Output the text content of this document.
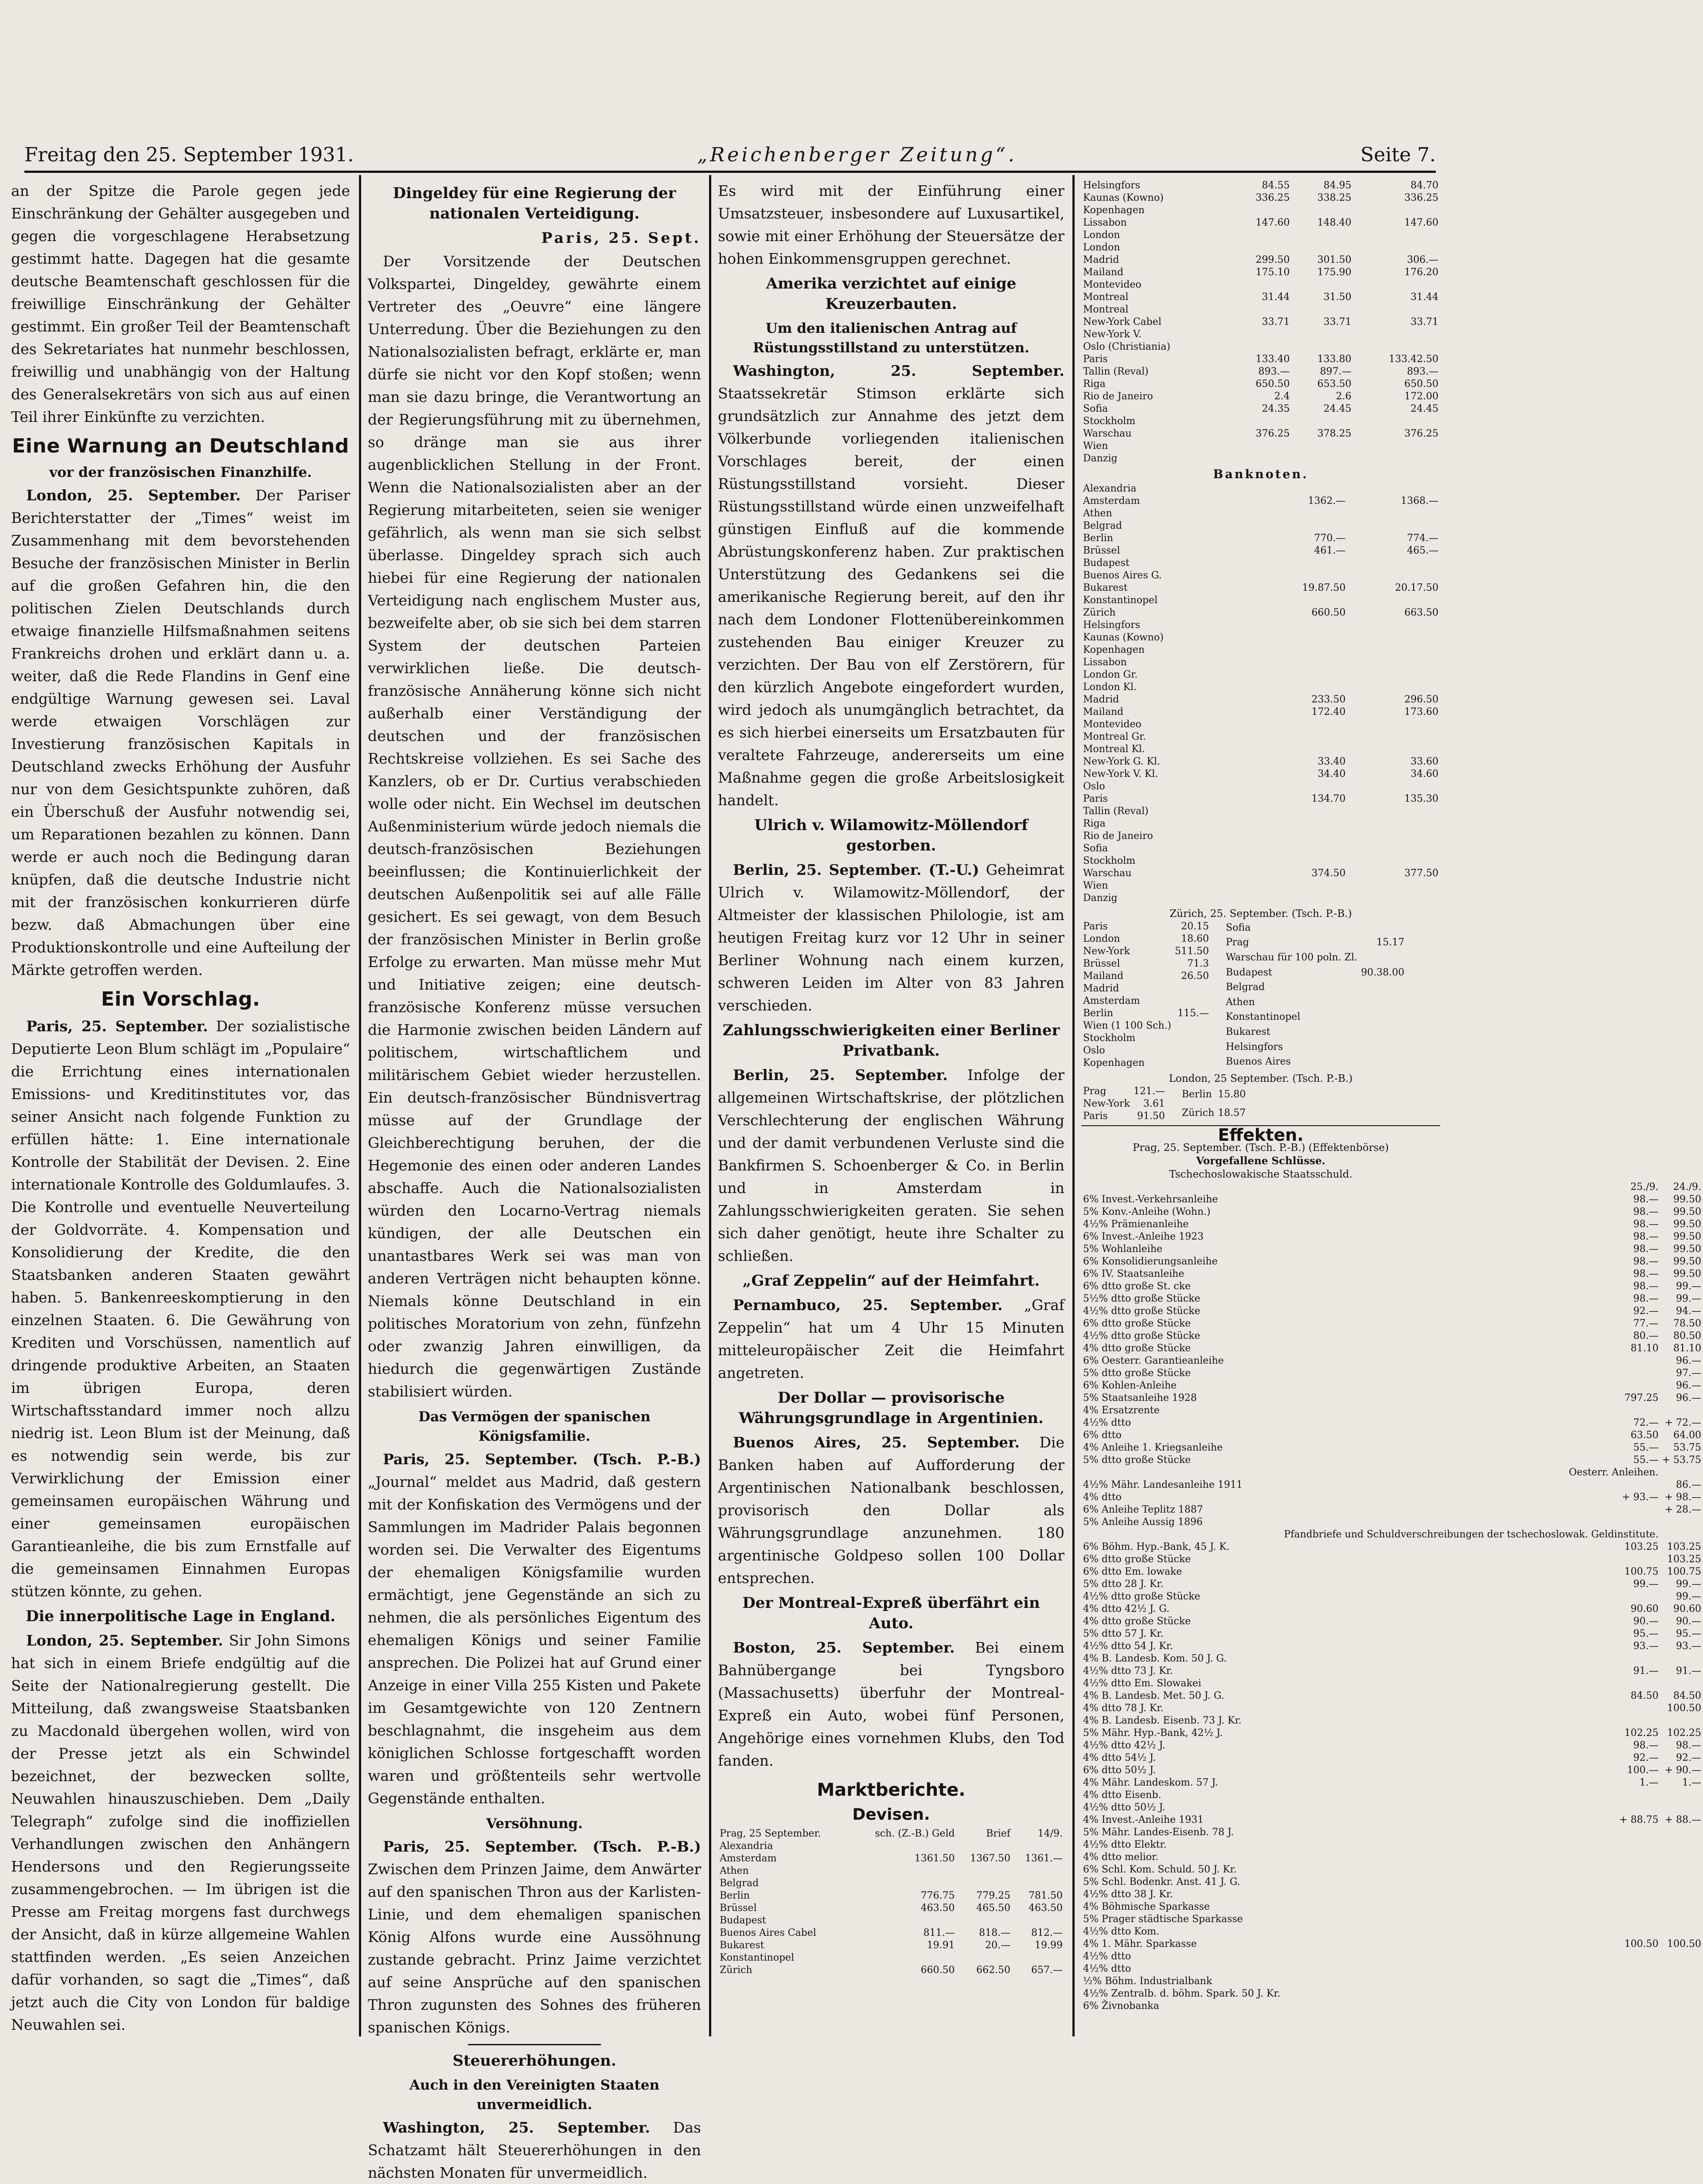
Freitag den 25. September 1931.	„Reichenberger Zeitung“.	Seite 7.

an der Spitze die Parole gegen jede Einschränkung der Gehälter ausgegeben und gegen die vorgeschlagene Herabsetzung gestimmt hatte. Dagegen hat die gesamte deutsche Beamtenschaft geschlossen für die freiwillige Einschränkung der Gehälter gestimmt. Ein großer Teil der Beamtenschaft des Sekretariates hat nunmehr beschlossen, freiwillig und unabhängig von der Haltung des Generalsekretärs von sich aus auf einen Teil ihrer Einkünfte zu verzichten.

Eine Warnung an Deutschland
vor der französischen Finanzhilfe.

London, 25. September. Der Pariser Berichterstatter der „Times“ weist im Zusammenhang mit dem bevorstehenden Besuche der französischen Minister in Berlin auf die großen Gefahren hin, die den politischen Zielen Deutschlands durch etwaige finanzielle Hilfsmaßnahmen seitens Frankreichs drohen und erklärt dann u. a. weiter, daß die Rede Flandins in Genf eine endgültige Warnung gewesen sei. Laval werde etwaigen Vorschlägen zur Investierung französischen Kapitals in Deutschland zwecks Erhöhung der Ausfuhr nur von dem Gesichtspunkte zuhören, daß ein Überschuß der Ausfuhr notwendig sei, um Reparationen bezahlen zu können. Dann werde er auch noch die Bedingung daran knüpfen, daß die deutsche Industrie nicht mit der französischen konkurrieren dürfe bezw. daß Abmachungen über eine Produktionskontrolle und eine Aufteilung der Märkte getroffen werden.

Ein Vorschlag.

Paris, 25. September. Der sozialistische Deputierte Leon Blum schlägt im „Populaire“ die Errichtung eines internationalen Emissions- und Kreditinstitutes vor, das seiner Ansicht nach folgende Funktion zu erfüllen hätte: 1. Eine internationale Kontrolle der Stabilität der Devisen. 2. Eine internationale Kontrolle des Goldumlaufes. 3. Die Kontrolle und eventuelle Neuverteilung der Goldvorräte. 4. Kompensation und Konsolidierung der Kredite, die den Staatsbanken anderen Staaten gewährt haben. 5. Bankenreeskomptierung in den einzelnen Staaten. 6. Die Gewährung von Krediten und Vorschüssen, namentlich auf dringende produktive Arbeiten, an Staaten im übrigen Europa, deren Wirtschaftsstandard immer noch allzu niedrig ist. Leon Blum ist der Meinung, daß es notwendig sein werde, bis zur Verwirklichung der Emission einer gemeinsamen europäischen Währung und einer gemeinsamen europäischen Garantieanleihe, die bis zum Ernstfalle auf die gemeinsamen Einnahmen Europas stützen könnte, zu gehen.

Die innerpolitische Lage in England.

London, 25. September. Sir John Simons hat sich in einem Briefe endgültig auf die Seite der Nationalregierung gestellt. Die Mitteilung, daß zwangsweise Staatsbanken zu Macdonald übergehen wollen, wird von der Presse jetzt als ein Schwindel bezeichnet, der bezwecken sollte, Neuwahlen hinauszuschieben. Dem „Daily Telegraph“ zufolge sind die inoffiziellen Verhandlungen zwischen den Anhängern Hendersons und den Regierungsseite zusammengebrochen. — Im übrigen ist die Presse am Freitag morgens fast durchwegs der Ansicht, daß in kürze allgemeine Wahlen stattfinden werden. „Es seien Anzeichen dafür vorhanden, so sagt die „Times“, daß jetzt auch die City von London für baldige Neuwahlen sei.

Dingeldey für eine Regierung der nationalen Verteidigung.

Paris, 25. Sept.

Der Vorsitzende der Deutschen Volkspartei, Dingeldey, gewährte einem Vertreter des „Oeuvre“ eine längere Unterredung. Über die Beziehungen zu den Nationalsozialisten befragt, erklärte er, man dürfe sie nicht vor den Kopf stoßen; wenn man sie dazu bringe, die Verantwortung an der Regierungsführung mit zu übernehmen, so dränge man sie aus ihrer augenblicklichen Stellung in der Front. Wenn die Nationalsozialisten aber an der Regierung mitarbeiteten, seien sie weniger gefährlich, als wenn man sie sich selbst überlasse. Dingeldey sprach sich auch hiebei für eine Regierung der nationalen Verteidigung nach englischem Muster aus, bezweifelte aber, ob sie sich bei dem starren System der deutschen Parteien verwirklichen ließe. Die deutsch-französische Annäherung könne sich nicht außerhalb einer Verständigung der deutschen und der französischen Rechtskreise vollziehen. Es sei Sache des Kanzlers, ob er Dr. Curtius verabschieden wolle oder nicht. Ein Wechsel im deutschen Außenministerium würde jedoch niemals die deutsch-französischen Beziehungen beeinflussen; die Kontinuierlichkeit der deutschen Außenpolitik sei auf alle Fälle gesichert. Es sei gewagt, von dem Besuch der französischen Minister in Berlin große Erfolge zu erwarten. Man müsse mehr Mut und Initiative zeigen; eine deutsch-französische Konferenz müsse versuchen die Harmonie zwischen beiden Ländern auf politischem, wirtschaftlichem und militärischem Gebiet wieder herzustellen. Ein deutsch-französischer Bündnisvertrag müsse auf der Grundlage der Gleichberechtigung beruhen, der die Hegemonie des einen oder anderen Landes abschaffe. Auch die Nationalsozialisten würden den Locarno-Vertrag niemals kündigen, der alle Deutschen ein unantastbares Werk sei was man von anderen Verträgen nicht behaupten könne. Niemals könne Deutschland in ein politisches Moratorium von zehn, fünfzehn oder zwanzig Jahren einwilligen, da hiedurch die gegenwärtigen Zustände stabilisiert würden.

Das Vermögen der spanischen Königsfamilie.

Paris, 25. September. (Tsch. P.-B.) „Journal“ meldet aus Madrid, daß gestern mit der Konfiskation des Vermögens und der Sammlungen im Madrider Palais begonnen worden sei. Die Verwalter des Eigentums der ehemaligen Königsfamilie wurden ermächtigt, jene Gegenstände an sich zu nehmen, die als persönliches Eigentum des ehemaligen Königs und seiner Familie ansprechen. Die Polizei hat auf Grund einer Anzeige in einer Villa 255 Kisten und Pakete im Gesamtgewichte von 120 Zentnern beschlagnahmt, die insgeheim aus dem königlichen Schlosse fortgeschafft worden waren und größtenteils sehr wertvolle Gegenstände enthalten.

Versöhnung.

Paris, 25. September. (Tsch. P.-B.) Zwischen dem Prinzen Jaime, dem Anwärter auf den spanischen Thron aus der Karlisten-Linie, und dem ehemaligen spanischen König Alfons wurde eine Aussöhnung zustande gebracht. Prinz Jaime verzichtet auf seine Ansprüche auf den spanischen Thron zugunsten des Sohnes des früheren spanischen Königs.

Steuererhöhungen.
Auch in den Vereinigten Staaten unvermeidlich.

Washington, 25. September. Das Schatzamt hält Steuererhöhungen in den nächsten Monaten für unvermeidlich.

Es wird mit der Einführung einer Umsatzsteuer, insbesondere auf Luxusartikel, sowie mit einer Erhöhung der Steuersätze der hohen Einkommensgruppen gerechnet.

Amerika verzichtet auf einige Kreuzerbauten.
Um den italienischen Antrag auf Rüstungsstillstand zu unterstützen.

Washington, 25. September. Staatssekretär Stimson erklärte sich grundsätzlich zur Annahme des jetzt dem Völkerbunde vorliegenden italienischen Vorschlages bereit, der einen Rüstungsstillstand vorsieht. Dieser Rüstungsstillstand würde einen unzweifelhaft günstigen Einfluß auf die kommende Abrüstungskonferenz haben. Zur praktischen Unterstützung des Gedankens sei die amerikanische Regierung bereit, auf den ihr nach dem Londoner Flottenübereinkommen zustehenden Bau einiger Kreuzer zu verzichten. Der Bau von elf Zerstörern, für den kürzlich Angebote eingefordert wurden, wird jedoch als unumgänglich betrachtet, da es sich hierbei einerseits um Ersatzbauten für veraltete Fahrzeuge, andererseits um eine Maßnahme gegen die große Arbeitslosigkeit handelt.

Ulrich v. Wilamowitz-Möllendorf gestorben.

Berlin, 25. September. (T.-U.) Geheimrat Ulrich v. Wilamowitz-Möllendorf, der Altmeister der klassischen Philologie, ist am heutigen Freitag kurz vor 12 Uhr in seiner Berliner Wohnung nach einem kurzen, schweren Leiden im Alter von 83 Jahren verschieden.

Zahlungsschwierigkeiten einer Berliner Privatbank.

Berlin, 25. September. Infolge der allgemeinen Wirtschaftskrise, der plötzlichen Verschlechterung der englischen Währung und der damit verbundenen Verluste sind die Bankfirmen S. Schoenberger & Co. in Berlin und in Amsterdam in Zahlungsschwierigkeiten geraten. Sie sehen sich daher genötigt, heute ihre Schalter zu schließen.

„Graf Zeppelin“ auf der Heimfahrt.

Pernambuco, 25. September. „Graf Zeppelin“ hat um 4 Uhr 15 Minuten mitteleuropäischer Zeit die Heimfahrt angetreten.

Der Dollar — provisorische Währungsgrundlage in Argentinien.

Buenos Aires, 25. September. Die Banken haben auf Aufforderung der Argentinischen Nationalbank beschlossen, provisorisch den Dollar als Währungsgrundlage anzunehmen. 180 argentinische Goldpeso sollen 100 Dollar entsprechen.

Der Montreal-Expreß überfährt ein Auto.

Boston, 25. September. Bei einem Bahnübergange bei Tyngsboro (Massachusetts) überfuhr der Montreal-Expreß ein Auto, wobei fünf Personen, Angehörige eines vornehmen Klubs, den Tod fanden.

Marktberichte.
Devisen.
Prag, 25 September.	sch. (Z.-B.) Geld	Brief	14/9.
Alexandria			
Amsterdam	1361.50	1367.50	1361.—
Athen			
Belgrad			
Berlin	776.75	779.25	781.50
Brüssel	463.50	465.50	463.50
Budapest			
Buenos Aires Cabel	811.—	818.—	812.—
Bukarest	19.91	20.—	19.99
Konstantinopel			
Zürich	660.50	662.50	657.—
Helsingfors	84.55	84.95	84.70
Kaunas (Kowno)	336.25	338.25	336.25
Kopenhagen			
Lissabon	147.60	148.40	147.60
London			
London			
Madrid	299.50	301.50	306.—
Mailand	175.10	175.90	176.20
Montevideo			
Montreal	31.44	31.50	31.44
Montreal			
New-York Cabel	33.71	33.71	33.71
New-York V.			
Oslo (Christiania)			
Paris	133.40	133.80	133.42.50
Tallin (Reval)	893.—	897.—	893.—
Riga	650.50	653.50	650.50
Rio de Janeiro	2.4	2.6	172.00
Sofia	24.35	24.45	24.45
Stockholm			
Warschau	376.25	378.25	376.25
Wien			
Danzig			
Banknoten.
Alexandria			
Amsterdam		1362.—	1368.—
Athen			
Belgrad			
Berlin		770.—	774.—
Brüssel		461.—	465.—
Budapest			
Buenos Aires G.			
Bukarest		19.87.50	20.17.50
Konstantinopel			
Zürich		660.50	663.50
Helsingfors			
Kaunas (Kowno)			
Kopenhagen			
Lissabon			
London Gr.			
London Kl.			
Madrid		233.50	296.50
Mailand		172.40	173.60
Montevideo			
Montreal Gr.			
Montreal Kl.			
New-York G. Kl.		33.40	33.60
New-York V. Kl.		34.40	34.60
Oslo			
Paris		134.70	135.30
Tallin (Reval)			
Riga			
Rio de Janeiro			
Sofia			
Stockholm			
Warschau		374.50	377.50
Wien			
Danzig			
Zürich, 25. September. (Tsch. P.-B.)
Paris	20.15
London	18.60
New-York	511.50
Brüssel	71.3
Mailand	26.50
Madrid	
Amsterdam	
Berlin	115.—
Wien (1 100 Sch.)	
Stockholm	
Oslo	
Kopenhagen	
Sofia	
Prag	15.17
Warschau für 100 poln. Zl.	
Budapest	90.38.00
Belgrad	
Athen	
Konstantinopel	
Bukarest	
Helsingfors	
Buenos Aires	
London, 25 September. (Tsch. P.-B.)
Prag	121.—
New-York	3.61
Paris	91.50
Berlin	15.80
Zürich	18.57
Effekten.
Prag, 25. September. (Tsch. P.-B.) (Effektenbörse)
Vorgefallene Schlüsse.
Tschechoslowakische Staatsschuld.
	25./9.	24./9.
6% Invest.-Verkehrsanleihe	98.—	99.50
5% Konv.-Anleihe (Wohn.)	98.—	99.50
4½% Prämienanleihe	98.—	99.50
6% Invest.-Anleihe 1923	98.—	99.50
5% Wohlanleihe	98.—	99.50
6% Konsolidierungsanleihe	98.—	99.50
6% IV. Staatsanleihe	98.—	99.50
6% dtto große St. cke	98.—	99.—
5½% dtto große Stücke	98.—	99.—
4½% dtto große Stücke	92.—	94.—
6% dtto große Stücke	77.—	78.50
4½% dtto große Stücke	80.—	80.50
4% dtto große Stücke	81.10	81.10
6% Oesterr. Garantieanleihe		96.—
5% dtto große Stücke		97.—
6% Kohlen-Anleihe		96.—
5% Staatsanleihe 1928	797.25	96.—
4% Ersatzrente		
4½% dtto	72.—	+ 72.—
6% dtto	63.50	64.00
4% Anleihe 1. Kriegsanleihe	55.—	53.75
5% dtto große Stücke	55.—	+ 53.75
	Oesterr. Anleihen.	
4½% Mähr. Landesanleihe 1911		86.—
4% dtto	+ 93.—	+ 98.—
6% Anleihe Teplitz 1887		+ 28.—
5% Anleihe Aussig 1896		
	Pfandbriefe und Schuldverschreibungen der tschechoslowak. Geldinstitute.	
6% Böhm. Hyp.-Bank, 45 J. K.	103.25	103.25
6% dtto große Stücke		103.25
6% dtto Em. lowake	100.75	100.75
5% dtto 28 J. Kr.	99.—	99.—
4½% dtto große Stücke		99.—
4% dtto 42½ J. G.	90.60	90.60
4% dtto große Stücke	90.—	90.—
5% dtto 57 J. Kr.	95.—	95.—
4½% dtto 54 J. Kr.	93.—	93.—
4% B. Landesb. Kom. 50 J. G.		
4½% dtto 73 J. Kr.	91.—	91.—
4½% dtto Em. Slowakei		
4% B. Landesb. Met. 50 J. G.	84.50	84.50
4% dtto 78 J. Kr.		100.50
4% B. Landesb. Eisenb. 73 J. Kr.		
5% Mähr. Hyp.-Bank, 42½ J.	102.25	102.25
4½% dtto 42½ J.	98.—	98.—
4% dtto 54½ J.	92.—	92.—
6% dtto 50½ J.	100.—	+ 90.—
4% Mähr. Landeskom. 57 J.	1.—	1.—
4% dtto Eisenb.		
4½% dtto 50½ J.		
4% Invest.-Anleihe 1931	+ 88.75	+ 88.—
5% Mähr. Landes-Eisenb. 78 J.		
4½% dtto Elektr.		
4% dtto melior.		
6% Schl. Kom. Schuld. 50 J. Kr.		
5% Schl. Bodenkr. Anst. 41 J. G.		
4½% dtto 38 J. Kr.		
4% Böhmische Sparkasse		
5% Prager städtische Sparkasse		
4½% dtto Kom.		
4% 1. Mähr. Sparkasse	100.50	100.50
4½% dtto		
4½% dtto		
½% Böhm. Industrialbank		
4½% Zentralb. d. böhm. Spark. 50 J. Kr.		
6% Živnobanka		
